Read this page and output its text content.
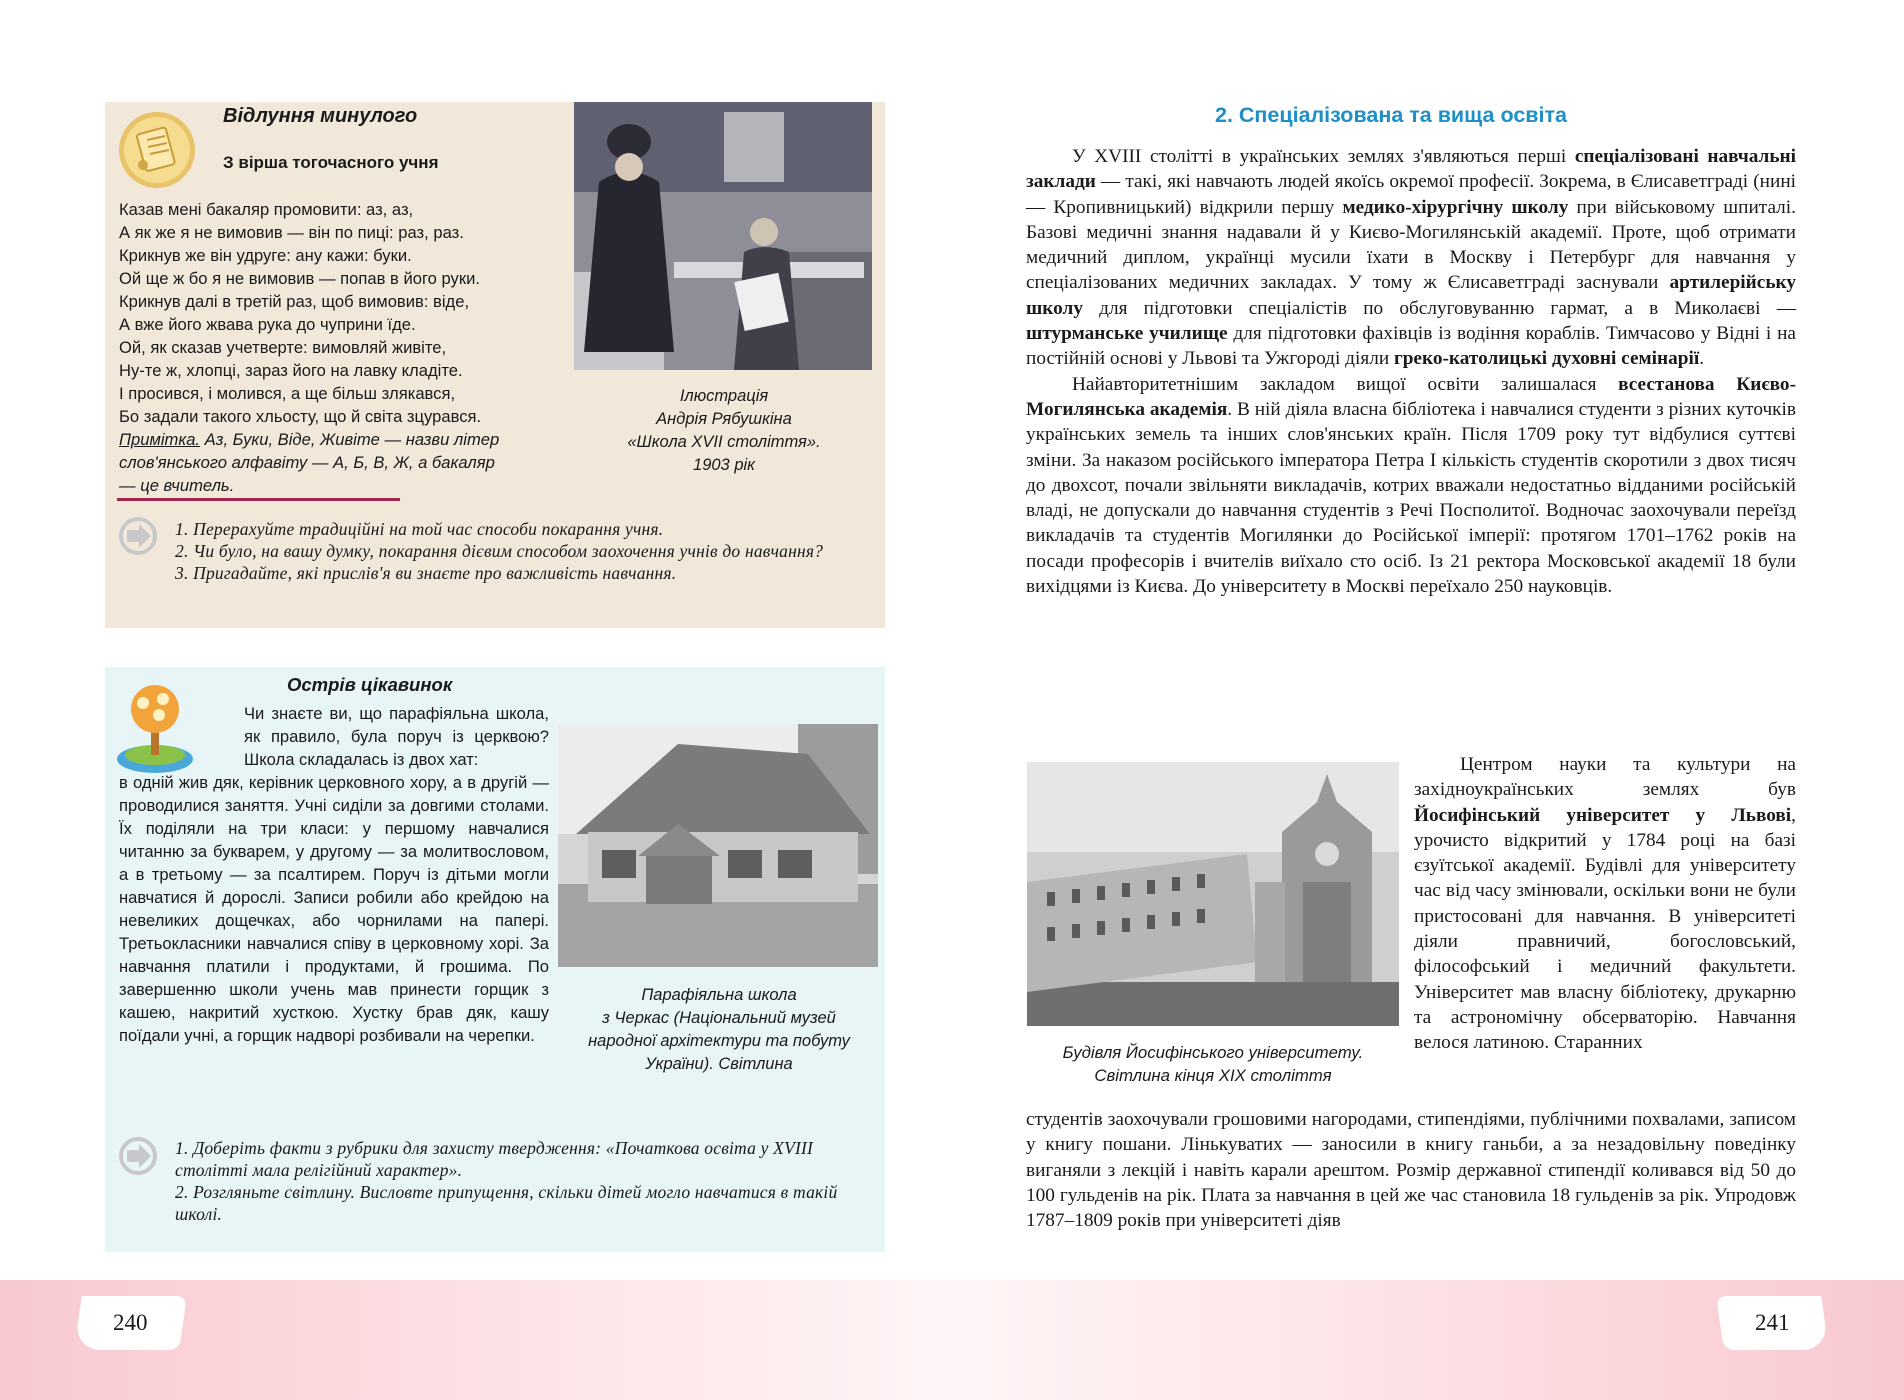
Відлуння минулого
З вірша тогочасного учня
Казав мені бакаляр промовити: аз, аз,
А як же я не вимовив — він по пиці: раз, раз.
Крикнув же він удруге: ану кажи: буки.
Ой ще ж бо я не вимовив — попав в його руки.
Крикнув далі в третій раз, щоб вимовив: віде,
А вже його жвава рука до чуприни їде.
Ой, як сказав учетверте: вимовляй живіте,
Ну-те ж, хлопці, зараз його на лавку кладіте.
І просився, і молився, а ще більш злякався,
Бо задали такого хльосту, що й світа зцурався.
Примітка. Аз, Буки, Віде, Живіте — назви літер
слов'янського алфавіту — А, Б, В, Ж, а бакаляр
— це вчитель.
Ілюстрація
Андрія Рябушкіна
«Школа XVII століття».
1903 рік
1. Перерахуйте традиційні на той час способи покарання учня.
2. Чи було, на вашу думку, покарання дієвим способом заохочення учнів до навчання?
3. Пригадайте, які прислів'я ви знаєте про важливість навчання.
Острів цікавинок
Чи знаєте ви, що парафіяльна школа, як правило, була поруч із церквою? Школа складалась із двох хат:
в одній жив дяк, керівник церковного хору, а в другій — проводилися заняття. Учні сиділи за довгими столами. Їх поділяли на три класи: у першому навчалися читанню за букварем, у другому — за молитвословом, а в третьому — за псалтирем. Поруч із дітьми могли навчатися й дорослі. Записи робили або крейдою на невеликих дощечках, або чорнилами на папері. Третьокласники навчалися співу в церковному хорі. За навчання платили і продуктами, й грошима. По завершенню школи учень мав принести горщик з кашею, накритий хусткою. Хустку брав дяк, кашу поїдали учні, а горщик надворі розбивали на черепки.
Парафіяльна школа
з Черкас (Національний музей
народної архітектури та побуту
України). Світлина
1. Доберіть факти з рубрики для захисту твердження: «Початкова освіта у XVIII столітті мала релігійний характер».
2. Розгляньте світлину. Висловте припущення, скільки дітей могло навчатися в такій школі.
240
2. Спеціалізована та вища освіта

У XVIII столітті в українських землях з'являються перші спеціалізовані навчальні заклади — такі, які навчають людей якоїсь окремої професії. Зокрема, в Єлисаветграді (нині — Кропивницький) відкрили першу медико-хірургічну школу при військовому шпиталі. Базові медичні знання надавали й у Києво-Могилянській академії. Проте, щоб отримати медичний диплом, українці мусили їхати в Москву і Петербург для навчання у спеціалізованих медичних закладах. У тому ж Єлисаветграді заснували артилерійську школу для підготовки спеціалістів по обслуговуванню гармат, а в Миколаєві — штурманське училище для підготовки фахівців із водіння кораблів. Тимчасово у Відні і на постійній основі у Львові та Ужгороді діяли греко-католицькі духовні семінарії.

Найавторитетнішим закладом вищої освіти залишалася всестанова Києво-Могилянська академія. В ній діяла власна бібліотека і навчалися студенти з різних куточків українських земель та інших слов'янських країн. Після 1709 року тут відбулися суттєві зміни. За наказом російського імператора Петра I кількість студентів скоротили з двох тисяч до двохсот, почали звільняти викладачів, котрих вважали недостатньо відданими російській владі, не допускали до навчання студентів з Речі Посполитої. Водночас заохочували переїзд викладачів та студентів Могилянки до Російської імперії: протягом 1701–1762 років на посади професорів і вчителів виїхало сто осіб. Із 21 ректора Московської академії 18 були вихідцями із Києва. До університету в Москві переїхало 250 науковців.

Будівля Йосифінського університету.
Світлина кінця XIX століття

Центром науки та культури на західноукраїнських землях був Йосифінський університет у Львові, урочисто відкритий у 1784 році на базі єзуїтської академії. Будівлі для університету час від часу змінювали, оскільки вони не були пристосовані для навчання. В університеті діяли правничий, богословський, філософський і медичний факультети. Університет мав власну бібліотеку, друкарню та астрономічну обсерваторію. Навчання велося латиною. Старанних

студентів заохочували грошовими нагородами, стипендіями, публічними похвалами, записом у книгу пошани. Лінькуватих — заносили в книгу ганьби, а за незадовільну поведінку виганяли з лекцій і навіть карали арештом. Розмір державної стипендії коливався від 50 до 100 гульденів на рік. Плата за навчання в цей же час становила 18 гульденів за рік. Упродовж 1787–1809 років при університеті діяв
241
